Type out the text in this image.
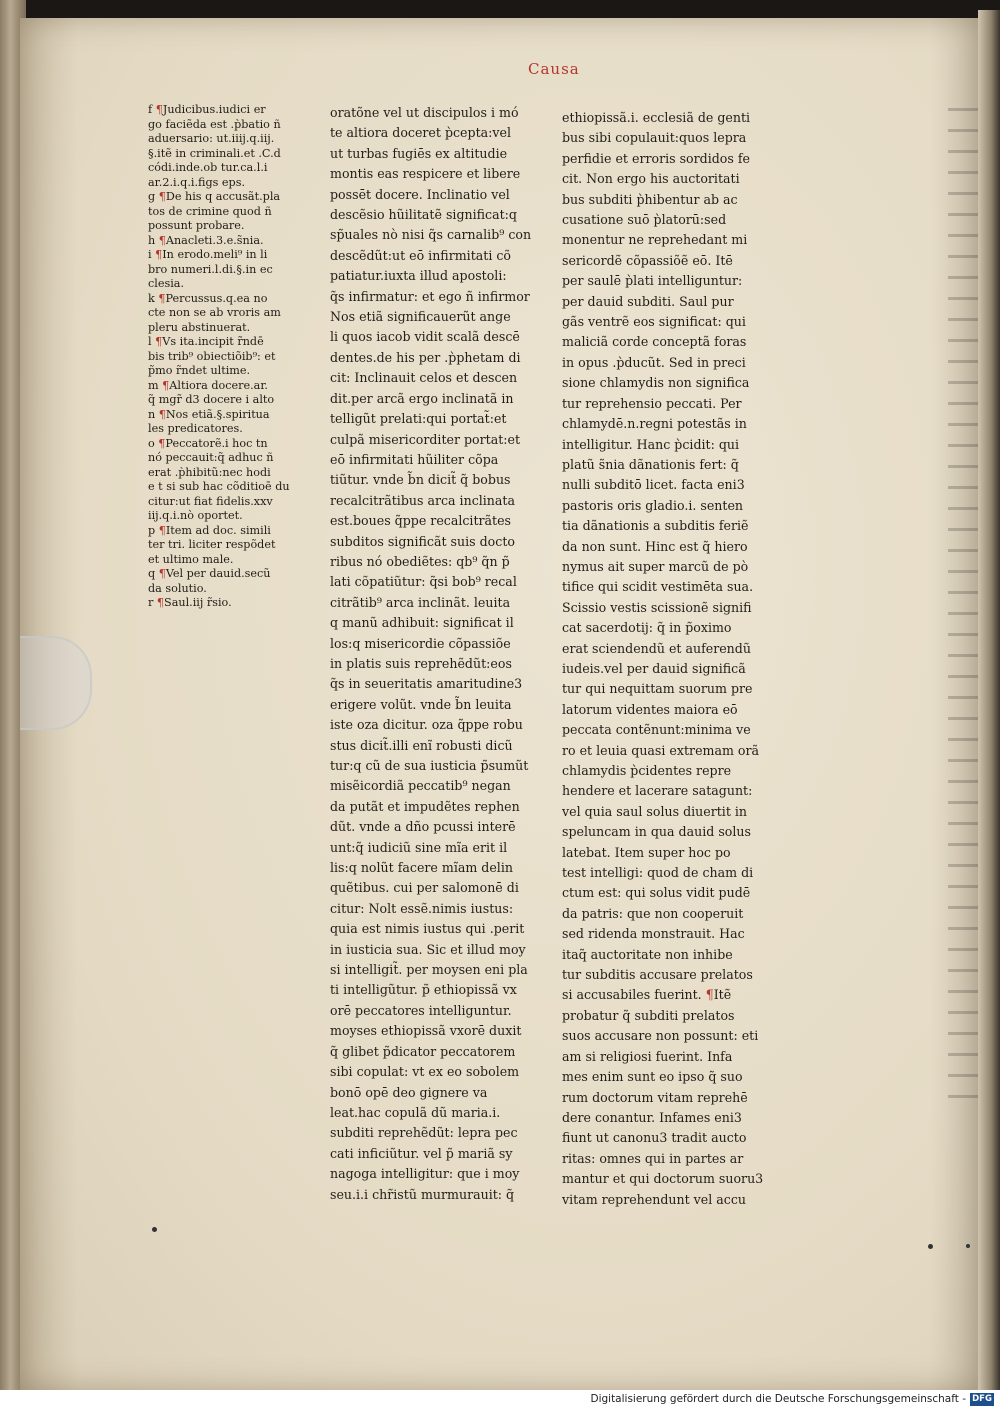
Causa
f ¶Judicibus.iudici er
go faciẽda est .p̀batio ñ
aduersario: ut.iiij.q.iij.
§.itẽ in criminali.et .C.d
códi.inde.ob tur.ca.l.i
ar.2.i.q.i.figs eps.
g ¶De his q accusãt.pla
tos de crimine quod ñ
possunt probare.
h ¶Anacleti.3.e.s̃nia.
i ¶In erodo.meli⁹ in li
bro numeri.l.di.§.in ec
clesia.
k ¶Percussus.q.ea no
cte non se ab vroris am
pleru abstinuerat.
l ¶Vs ita.incipit r̃ndē
bis trib⁹ obiectiõib⁹: et
p̃mo r̃ndet ultime.
m ¶Altiora docere.ar.
q̃ mgr̃ d3 docere i alto
n ¶Nos etiã.§.spiritua
les predicatores.
o ¶Peccatorẽ.i hoc t̃n
nó peccauit:q̃ adhuc ñ
erat .p̀hibitũ:nec hodi
e t̃ si sub hac cõditioē du
citur:ut fiat fidelis.xxv
iij.q.i.nò oportet.
p ¶Item ad doc. simili
ter tri. liciter respõdet
et ultimo male.
q ¶Vel per dauid.secũ
da solutio.
r ¶Saul.iij r̃sio.
oratõne vel ut discipulos i mó
te altiora doceret p̀cepta:vel
ut turbas fugiēs ex altitudie
montis eas respicere et libere
possēt docere. Inclinatio vel
descẽsio hũilitatẽ significat:q
sp̃uales nò nisi q̃s carnalib⁹ con
descẽdũt:ut eō infirmitati cõ
patiatur.iuxta illud apostoli:
q̃s infirmatur: et ego ñ infirmor
Nos etiã significauerũt ange
li quos iacob vidit scalã descē
dentes.de his per .p̀phetam di
cit: Inclinauit celos et descen
dit.per arcã ergo inclinatã in
telligũt prelati:qui portat̃:et
culpã misericorditer portat:et
eō infirmitati hũiliter cõpa
tiũtur. vnde b̃n dicit̃ q̃ bobus
recalcitrãtibus arca inclinata
est.boues q̃ppe recalcitrãtes
subditos significãt suis docto
ribus nó obediẽtes: qb⁹ q̃n p̃
lati cõpatiũtur: q̃si bob⁹ recal
citrãtib⁹ arca inclinãt. leuita
q manũ adhibuit: significat il
los:q misericordie cõpassiõe
in platis suis reprehẽdũt:eos
q̃s in seueritatis amaritudine3
erigere volũt. vnde b̃n leuita
iste oza dicitur. oza q̃ppe robu
stus dicit̃.illi enĩ robusti dicũ
tur:q cũ de sua iusticia p̃sumũt
misẽicordiã peccatib⁹ negan
da putãt et impudẽtes rephen
dũt. vnde a dño pcussi interē
unt:q̃ iudiciũ sine mĩa erit il
lis:q nolũt facere mĩam delin
quẽtibus. cui per salomonē di
citur: Nolt essẽ.nimis iustus:
quia est nimis iustus qui .perit
in iusticia sua. Sic et illud moy
si intelligit̃. per moysen eni pla
ti intelligũtur. p̃ ethiopissã vx
orē peccatores intelliguntur.
moyses ethiopissã vxorē duxit
q̃ glibet p̃dicator peccatorem
sibi copulat: vt ex eo sobolem
bonō opē deo gignere va
leat.hac copulã dũ maria.i.
subditi reprehẽdũt: lepra pec
cati inficiũtur. vel p̃ mariã sy
nagoga intelligitur: que i moy
seu.i.i chr̃istũ murmurauit: q̃
ethiopissã.i. ecclesiã de genti
bus sibi copulauit:quos lepra
perfidie et erroris sordidos fe
cit. Non ergo his auctoritati
bus subditi p̀hibentur ab ac
cusatione suō p̀latorū:sed
monentur ne reprehedant mi
sericordẽ cõpassiõẽ eō. Itē
per saulē p̀lati intelliguntur:
per dauid subditi. Saul pur
gãs ventrẽ eos significat: qui
maliciã corde conceptã foras
in opus .p̀ducũt. Sed in preci
sione chlamydis non significa
tur reprehensio peccati. Per
chlamydē.n.regni potestãs in
intelligitur. Hanc p̀cidit: qui
platũ s̃nia dãnationis fert: q̃
nulli subditō licet. facta eni3
pastoris oris gladio.i. senten
tia dãnationis a subditis feriẽ
da non sunt. Hinc est q̃ hiero
nymus ait super marcũ de pò
tifice qui scidit vestimēta sua.
Scissio vestis scissionẽ signifi
cat sacerdotij: q̃ in p̃oximo
erat sciendendũ et auferendũ
iudeis.vel per dauid significã
tur qui nequittam suorum pre
latorum videntes maiora eō
peccata contẽnunt:minima ve
ro et leuia quasi extremam orã
chlamydis p̀cidentes repre
hendere et lacerare satagunt:
vel quia saul solus diuertit in
speluncam in qua dauid solus
latebat. Item super hoc po
test intelligi: quod de cham di
ctum est: qui solus vidit pudē
da patris: que non cooperuit
sed ridenda monstrauit. Hac
itaq̃ auctoritate non inhibe
tur subditis accusare prelatos
si accusabiles fuerint. ¶Itẽ
probatur q̃ subditi prelatos
suos accusare non possunt: eti
am si religiosi fuerint. Infa
mes enim sunt eo ipso q̃ suo
rum doctorum vitam reprehē
dere conantur. Infames eni3
fiunt ut canonu3 tradit aucto
ritas: omnes qui in partes ar
mantur et qui doctorum suoru3
vitam reprehendunt vel accu
Digitalisierung gefördert durch die Deutsche Forschungsgemeinschaft - DFG
